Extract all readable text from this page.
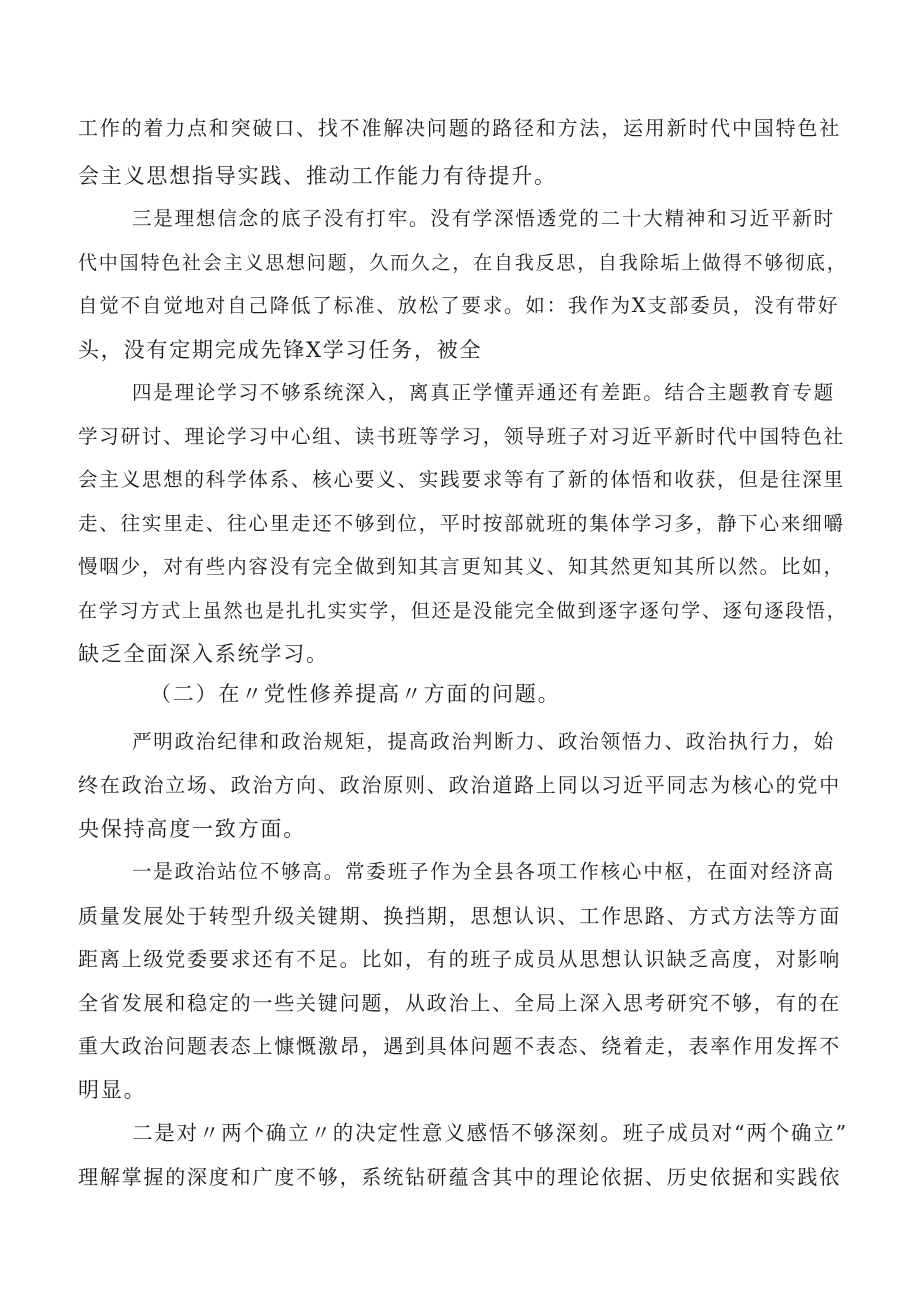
工作的着力点和突破口、找不准解决问题的路径和方法，运用新时代中国特色社
会主义思想指导实践、推动工作能力有待提升。
三是理想信念的底子没有打牢。没有学深悟透党的二十大精神和习近平新时
代中国特色社会主义思想问题，久而久之，在自我反思，自我除垢上做得不够彻底，
自觉不自觉地对自己降低了标准、放松了要求。如：我作为X支部委员，没有带好
头，没有定期完成先锋X学习任务，被全
四是理论学习不够系统深入，离真正学懂弄通还有差距。结合主题教育专题
学习研讨、理论学习中心组、读书班等学习，领导班子对习近平新时代中国特色社
会主义思想的科学体系、核心要义、实践要求等有了新的体悟和收获，但是往深里
走、往实里走、往心里走还不够到位，平时按部就班的集体学习多，静下心来细嚼
慢咽少，对有些内容没有完全做到知其言更知其义、知其然更知其所以然。比如，
在学习方式上虽然也是扎扎实实学，但还是没能完全做到逐字逐句学、逐句逐段悟，
缺乏全面深入系统学习。
（二）在〃党性修养提高〃方面的问题。
严明政治纪律和政治规矩，提高政治判断力、政治领悟力、政治执行力，始
终在政治立场、政治方向、政治原则、政治道路上同以习近平同志为核心的党中
央保持高度一致方面。
一是政治站位不够高。常委班子作为全县各项工作核心中枢，在面对经济高
质量发展处于转型升级关键期、换挡期，思想认识、工作思路、方式方法等方面
距离上级党委要求还有不足。比如，有的班子成员从思想认识缺乏高度，对影响
全省发展和稳定的一些关键问题，从政治上、全局上深入思考研究不够，有的在
重大政治问题表态上慷慨激昂，遇到具体问题不表态、绕着走，表率作用发挥不
明显。
二是对〃两个确立〃的决定性意义感悟不够深刻。班子成员对“两个确立”
理解掌握的深度和广度不够，系统钻研蕴含其中的理论依据、历史依据和实践依
